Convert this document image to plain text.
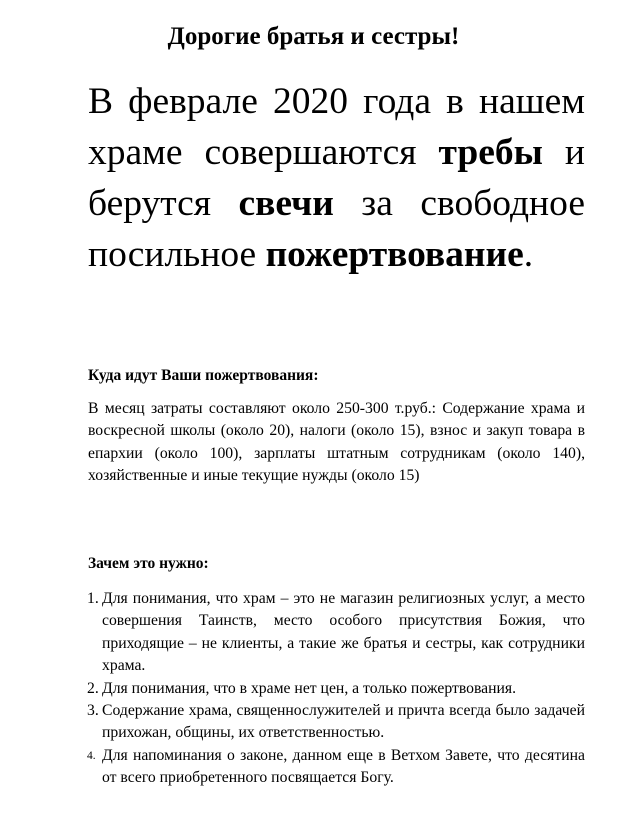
Дорогие братья и сестры!
В феврале 2020 года в нашем храме совершаются требы и берутся свечи за свободное посильное пожертвование.
Куда идут Ваши пожертвования:
В месяц затраты составляют около 250-300 т.руб.: Содержание храма и воскресной школы (около 20), налоги (около 15), взнос и закуп товара в епархии (около 100), зарплаты штатным сотрудникам (около 140), хозяйственные и иные текущие нужды (около 15)
Зачем это нужно:
1. Для понимания, что храм – это не магазин религиозных услуг, а место совершения Таинств, место особого присутствия Божия, что приходящие – не клиенты, а такие же братья и сестры, как сотрудники храма.
2. Для понимания, что в храме нет цен, а только пожертвования.
3. Содержание храма, священнослужителей и причта всегда было задачей прихожан, общины, их ответственностью.
4. Для напоминания о законе, данном еще в Ветхом Завете, что десятина от всего приобретенного посвящается Богу.
